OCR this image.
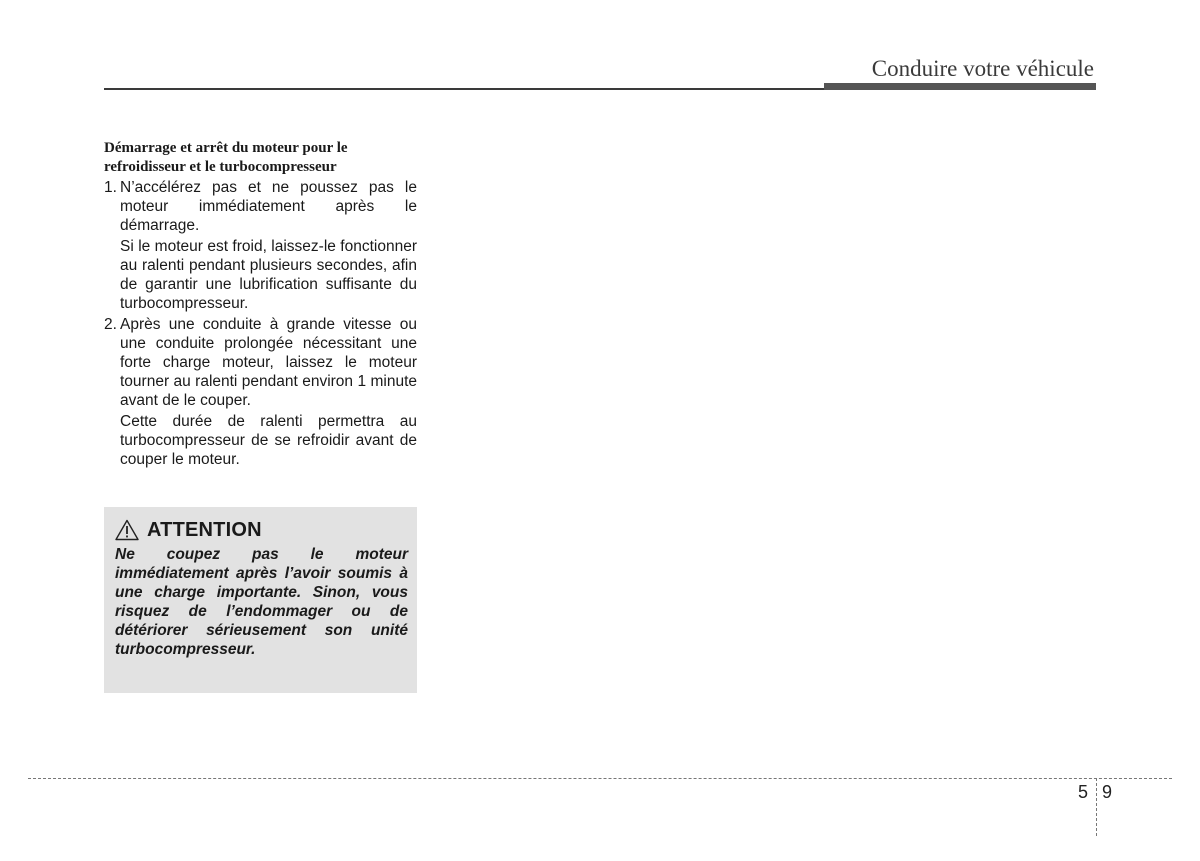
Conduire votre véhicule
Démarrage et arrêt du moteur pour le
refroidisseur et le turbocompresseur
1. N’accélérez pas et ne poussez pas le moteur immédiatement après le démarrage.

Si le moteur est froid, laissez-le fonctionner au ralenti pendant plusieurs secondes, afin de garantir une lubrification suffisante du turbocompresseur.

2. Après une conduite à grande vitesse ou une conduite prolongée nécessitant une forte charge moteur, laissez le moteur tourner au ralenti pendant environ 1 minute avant de le couper.

Cette durée de ralenti permettra au turbocompresseur de se refroidir avant de couper le moteur.

ATTENTION

Ne coupez pas le moteur immédiatement après l’avoir soumis à une charge importante. Sinon, vous risquez de l’endommager ou de détériorer sérieusement son unité turbocompresseur.

5 9
